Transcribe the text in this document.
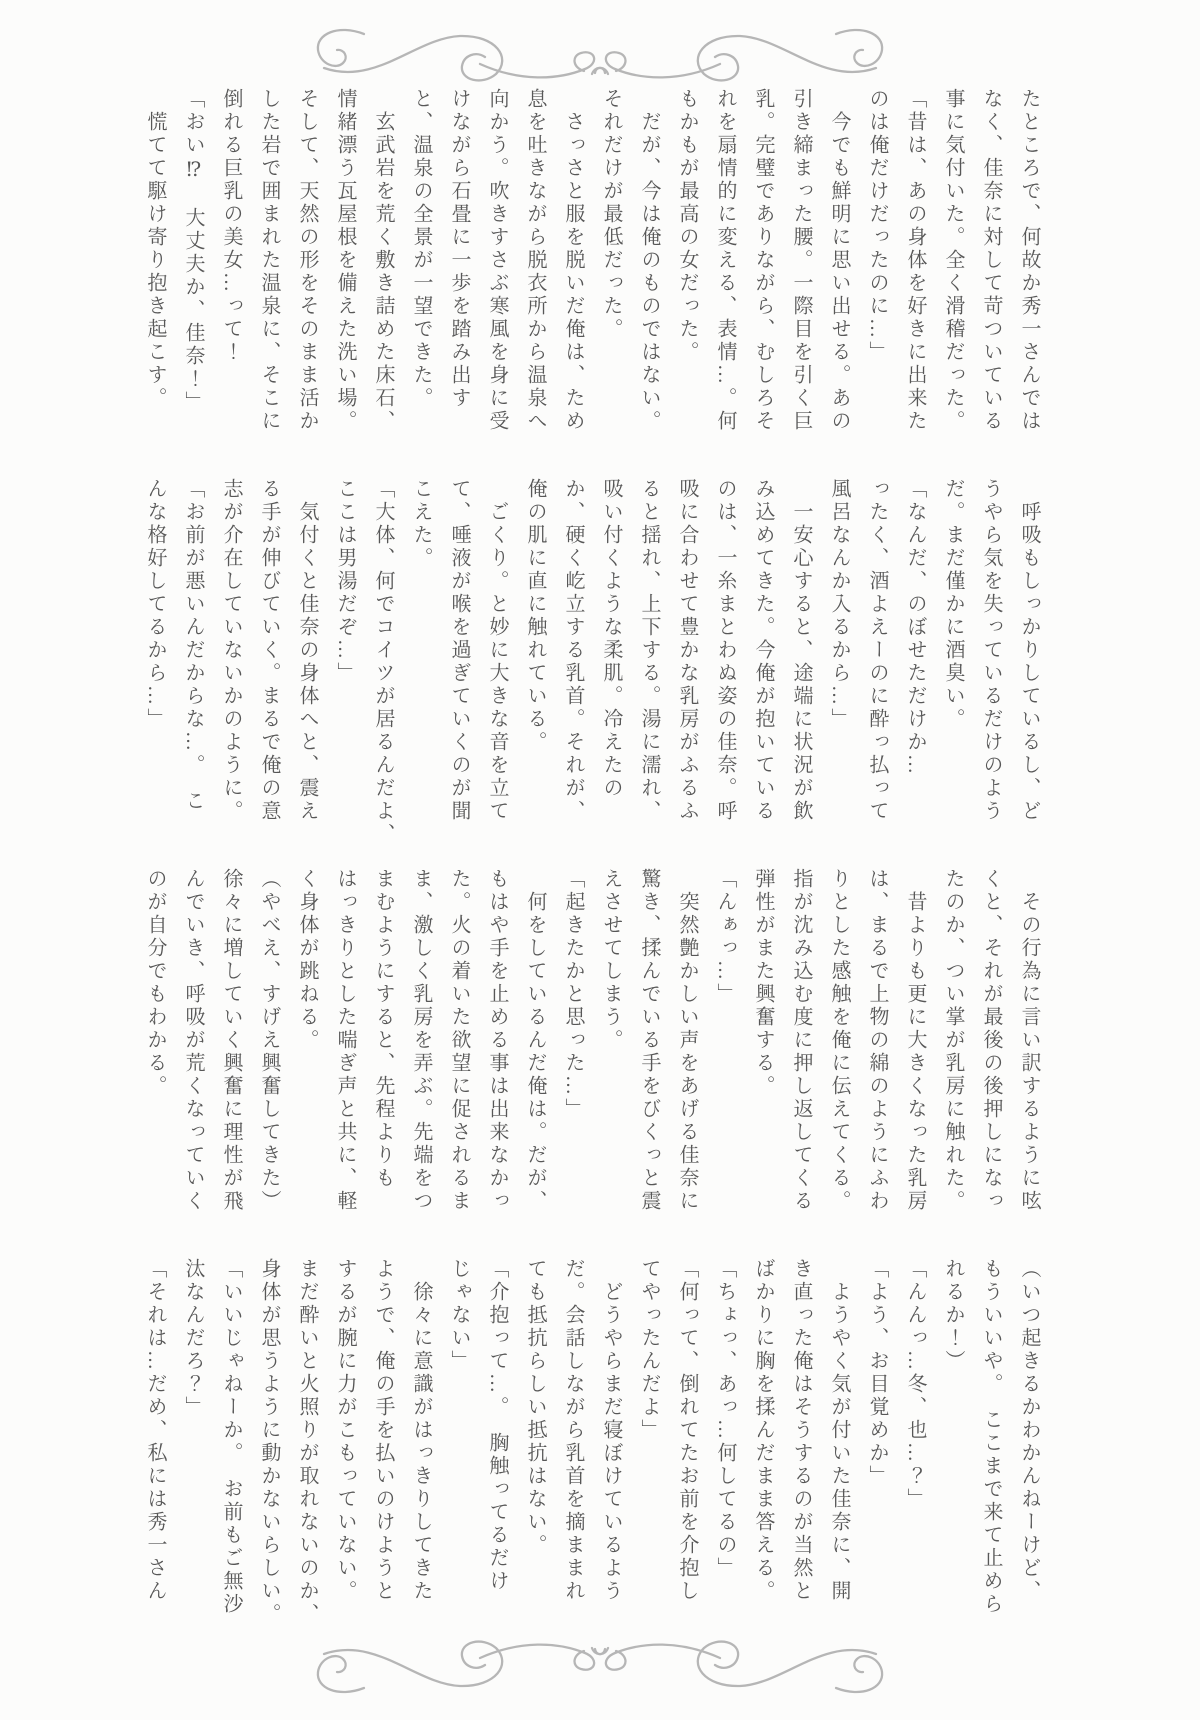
たところで、何故か秀一さんでは
なく、佳奈に対して苛ついている
事に気付いた。全く滑稽だった。
「昔は、あの身体を好きに出来た
のは俺だけだったのに…」
　今でも鮮明に思い出せる。あの
引き締まった腰。一際目を引く巨
乳。完璧でありながら、むしろそ
れを扇情的に変える、表情…。何
もかもが最高の女だった。
　だが、今は俺のものではない。
それだけが最低だった。
　さっさと服を脱いだ俺は、ため
息を吐きながら脱衣所から温泉へ
向かう。吹きすさぶ寒風を身に受
けながら石畳に一歩を踏み出す
と、温泉の全景が一望できた。
　玄武岩を荒く敷き詰めた床石、
情緒漂う瓦屋根を備えた洗い場。
そして、天然の形をそのまま活か
した岩で囲まれた温泉に、そこに
倒れる巨乳の美女…って！
「おい⁉　大丈夫か、佳奈！」
　慌てて駆け寄り抱き起こす。
　呼吸もしっかりしているし、ど
うやら気を失っているだけのよう
だ。まだ僅かに酒臭い。
「なんだ、のぼせただけか…
ったく、酒よえーのに酔っ払って
風呂なんか入るから…」
　一安心すると、途端に状況が飲
み込めてきた。今俺が抱いている
のは、一糸まとわぬ姿の佳奈。呼
吸に合わせて豊かな乳房がふるふ
ると揺れ、上下する。湯に濡れ、
吸い付くような柔肌。冷えたの
か、硬く屹立する乳首。それが、
俺の肌に直に触れている。
　ごくり。と妙に大きな音を立て
て、唾液が喉を過ぎていくのが聞
こえた。
「大体、何でコイツが居るんだよ、
ここは男湯だぞ…」
　気付くと佳奈の身体へと、震え
る手が伸びていく。まるで俺の意
志が介在していないかのように。
「お前が悪いんだからな…。　こ
んな格好してるから…」
　その行為に言い訳するように呟
くと、それが最後の後押しになっ
たのか、つい掌が乳房に触れた。
　昔よりも更に大きくなった乳房
は、まるで上物の綿のようにふわ
りとした感触を俺に伝えてくる。
指が沈み込む度に押し返してくる
弾性がまた興奮する。
「んぁっ…」
　突然艶かしい声をあげる佳奈に
驚き、揉んでいる手をびくっと震
えさせてしまう。
「起きたかと思った…」
　何をしているんだ俺は。だが、
もはや手を止める事は出来なかっ
た。火の着いた欲望に促されるま
ま、激しく乳房を弄ぶ。先端をつ
まむようにすると、先程よりも
はっきりとした喘ぎ声と共に、軽
く身体が跳ねる。
（やべえ、すげえ興奮してきた）
徐々に増していく興奮に理性が飛
んでいき、呼吸が荒くなっていく
のが自分でもわかる。
（いつ起きるかわかんねーけど、
もういいや。　ここまで来て止めら
れるか！）
「んんっ…冬、也…？」
「よう、お目覚めか」
　ようやく気が付いた佳奈に、開
き直った俺はそうするのが当然と
ばかりに胸を揉んだまま答える。
「ちょっ、あっ…何してるの」
「何って、倒れてたお前を介抱し
てやったんだよ」
　どうやらまだ寝ぼけているよう
だ。会話しながら乳首を摘ままれ
ても抵抗らしい抵抗はない。
「介抱って…。　胸触ってるだけ
じゃない」
　徐々に意識がはっきりしてきた
ようで、俺の手を払いのけようと
するが腕に力がこもっていない。
まだ酔いと火照りが取れないのか、
身体が思うように動かないらしい。
「いいじゃねーか。　お前もご無沙
汰なんだろ？」
「それは…だめ、私には秀一さん
